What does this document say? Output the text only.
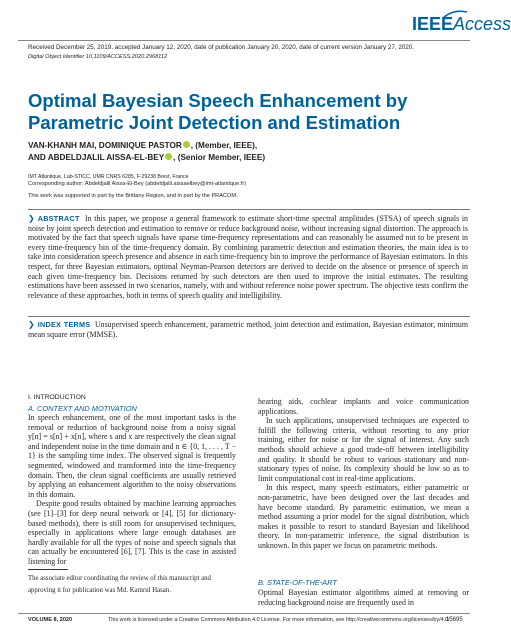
IEEEAccess
Received December 25, 2019, accepted January 12, 2020, date of publication January 20, 2020, date of current version January 27, 2020.
Digital Object Identifier 10.1109/ACCESS.2020.2968112
Optimal Bayesian Speech Enhancement by Parametric Joint Detection and Estimation
VAN-KHANH MAI, DOMINIQUE PASTOR , (Member, IEEE),
AND ABDELDJALIL AISSA-EL-BEY , (Senior Member, IEEE)
IMT Atlantique, Lab-STICC, UMR CNRS 6285, F-29238 Brest, France
Corresponding author: Abdeldjalil Aissa-El-Bey (abdeldjalil.aissaelbey@imt-atlantique.fr)
This work was supported in part by the Brittany Region, and in part by the PRACOM.
❯ ABSTRACT In this paper, we propose a general framework to estimate short-time spectral amplitudes (STSA) of speech signals in noise by joint speech detection and estimation to remove or reduce background noise, without increasing signal distortion. The approach is motivated by the fact that speech signals have sparse time-frequency representations and can reasonably be assumed not to be present in every time-frequency bin of the time-frequency domain. By combining parametric detection and estimation theories, the main idea is to take into consideration speech presence and absence in each time-frequency bin to improve the performance of Bayesian estimators. In this respect, for three Bayesian estimators, optimal Neyman-Pearson detectors are derived to decide on the absence or presence of speech in each given time-frequency bin. Decisions returned by such detectors are then used to improve the initial estimates. The resulting estimations have been assessed in two scenarios, namely, with and without reference noise power spectrum. The objective tests confirm the relevance of these approaches, both in terms of speech quality and intelligibility.
❯ INDEX TERMS Unsupervised speech enhancement, parametric method, joint detection and estimation, Bayesian estimator, minimum mean square error (MMSE).
I. INTRODUCTION
A. CONTEXT AND MOTIVATION

In speech enhancement, one of the most important tasks is the removal or reduction of background noise from a noisy signal y[n] = s[n] + x[n], where s and x are respectively the clean signal and independent noise in the time domain and n ∈ {0, 1, . . . , T − 1} is the sampling time index. The observed signal is frequently segmented, windowed and transformed into the time-frequency domain. Then, the clean signal coefficients are usually retrieved by applying an enhancement algorithm to the noisy observations in this domain.

Despite good results obtained by machine learning approaches (see [1]–[3] for deep neural network or [4], [5] for dictionary-based methods), there is still room for unsupervised techniques, especially in applications where large enough databases are hardly available for all the types of noise and speech signals that can actually be encountered [6], [7]. This is the case in assisted listening for

The associate editor coordinating the review of this manuscript and approving it for publication was Md. Kamrul Hasan.

hearing aids, cochlear implants and voice communication applications.

In such applications, unsupervised techniques are expected to fulfill the following criteria, without resorting to any prior training, either for noise or for the signal of interest. Any such methods should achieve a good trade-off between intelligibility and quality. It should be robust to various stationary and non-stationary types of noise. Its complexity should be low so as to limit computational cost in real-time applications.

In this respect, many speech estimators, either parametric or non-parametric, have been designed over the last decades and have become standard. By parametric estimation, we mean a method assuming a prior model for the signal distribution, which makes it possible to resort to standard Bayesian and likelihood theory. In non-parametric inference, the signal distribution is unknown. In this paper we focus on parametric methods.

B. STATE-OF-THE-ART

Optimal Bayesian estimator algorithms aimed at removing or reducing background noise are frequently used in

VOLUME 8, 2020	This work is licensed under a Creative Commons Attribution 4.0 License. For more information, see http://creativecommons.org/licenses/by/4.0/
15695
